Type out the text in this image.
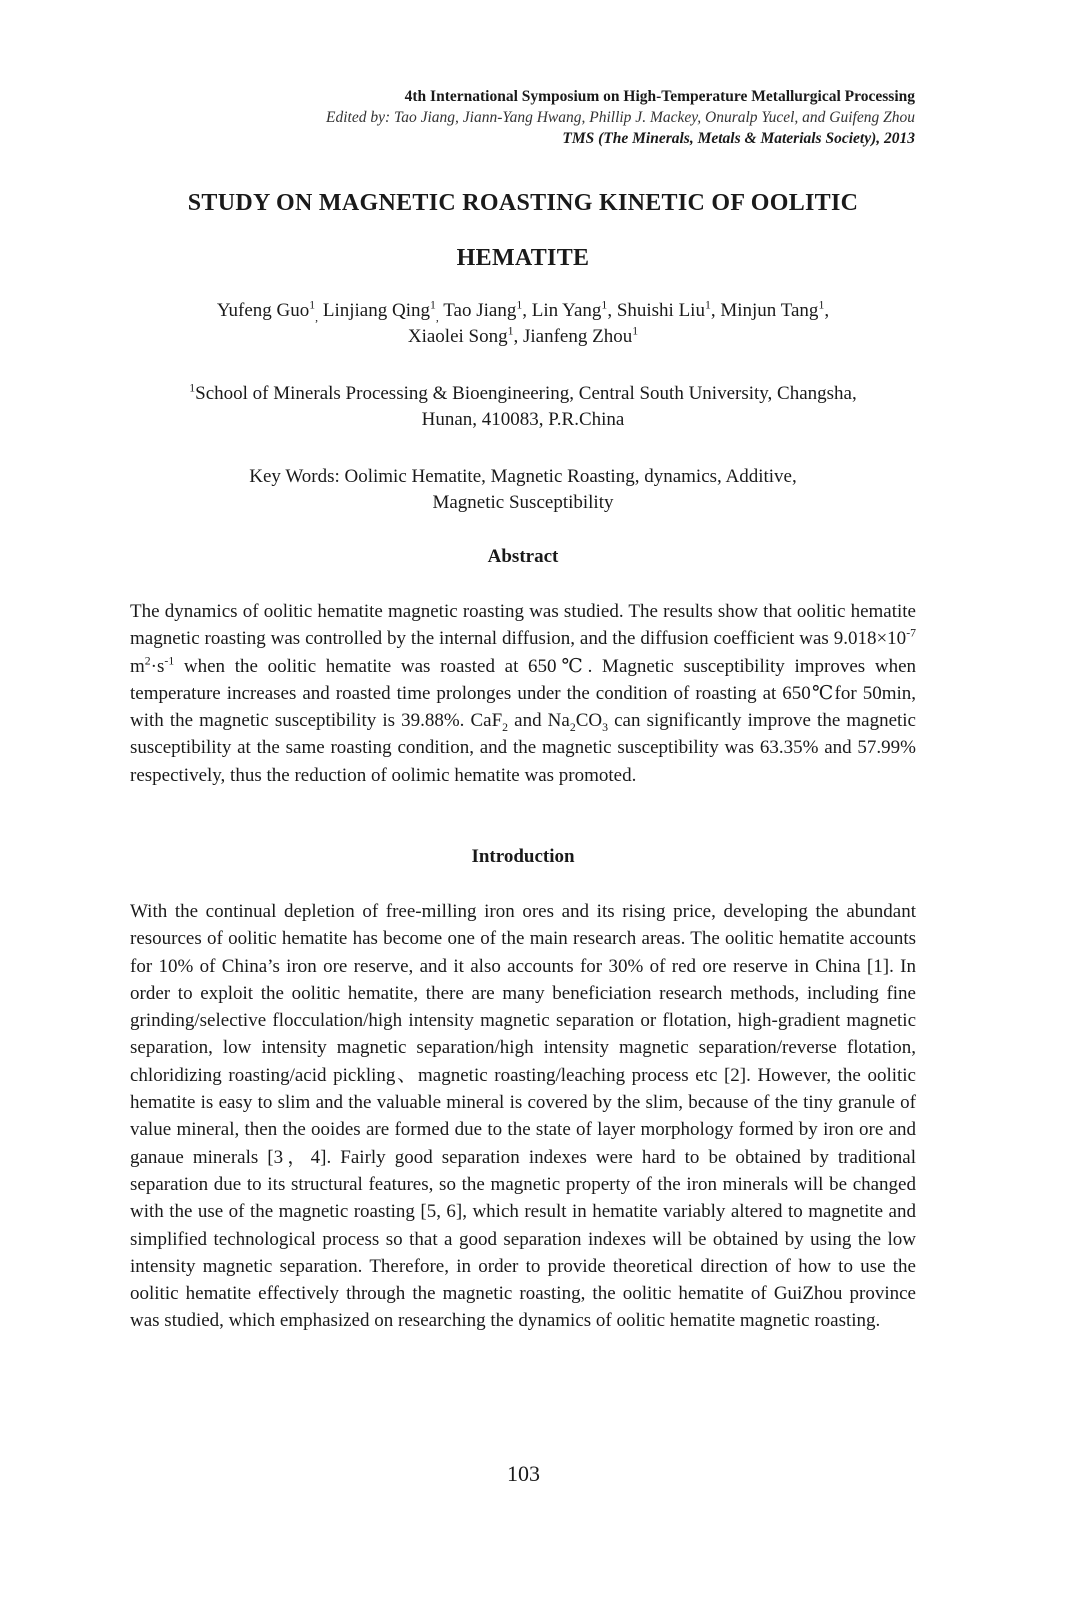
4th International Symposium on High-Temperature Metallurgical Processing
Edited by: Tao Jiang, Jiann-Yang Hwang, Phillip J. Mackey, Onuralp Yucel, and Guifeng Zhou
TMS (The Minerals, Metals & Materials Society), 2013
STUDY ON MAGNETIC ROASTING KINETIC OF OOLITIC
HEMATITE
Yufeng Guo$^1_,$ Linjiang Qing$^1_,$ Tao Jiang$^1$, Lin Yang$^1$, Shuishi Liu$^1$, Minjun Tang$^1$,
Xiaolei Song$^1$, Jianfeng Zhou$^1$
$^1$School of Minerals Processing & Bioengineering, Central South University, Changsha,
Hunan, 410083, P.R.China
Key Words: Oolimic Hematite, Magnetic Roasting, dynamics, Additive,
Magnetic Susceptibility
Abstract
The dynamics of oolitic hematite magnetic roasting was studied. The results show that oolitic hematite magnetic roasting was controlled by the internal diffusion, and the diffusion coefficient was $9.018\times 10^{-7}$ $m^2\cdot s^{-1}$ when the oolitic hematite was roasted at 650℃. Magnetic susceptibility improves when temperature increases and roasted time prolonges under the condition of roasting at 650℃for 50min, with the magnetic susceptibility is 39.88%. CaF$_2$ and $Na_2CO_3$ can significantly improve the magnetic susceptibility at the same roasting condition, and the magnetic susceptibility was 63.35% and 57.99% respectively, thus the reduction of oolimic hematite was promoted.
Introduction
With the continual depletion of free-milling iron ores and its rising price, developing the abundant resources of oolitic hematite has become one of the main research areas. The oolitic hematite accounts for 10% of China’s iron ore reserve, and it also accounts for 30% of red ore reserve in China [1]. In order to exploit the oolitic hematite, there are many beneficiation research methods, including fine grinding/selective flocculation/high intensity magnetic separation or flotation, high-gradient magnetic separation, low intensity magnetic separation/high intensity magnetic separation/reverse flotation, chloridizing roasting/acid pickling、magnetic roasting/leaching process etc [2]. However, the oolitic hematite is easy to slim and the valuable mineral is covered by the slim, because of the tiny granule of value mineral, then the ooides are formed due to the state of layer morphology formed by iron ore and ganaue minerals [3，4]. Fairly good separation indexes were hard to be obtained by traditional separation due to its structural features, so the magnetic property of the iron minerals will be changed with the use of the magnetic roasting [5, 6], which result in hematite variably altered to magnetite and simplified technological process so that a good separation indexes will be obtained by using the low intensity magnetic separation. Therefore, in order to provide theoretical direction of how to use the oolitic hematite effectively through the magnetic roasting, the oolitic hematite of GuiZhou province was studied, which emphasized on researching the dynamics of oolitic hematite magnetic roasting.
103
